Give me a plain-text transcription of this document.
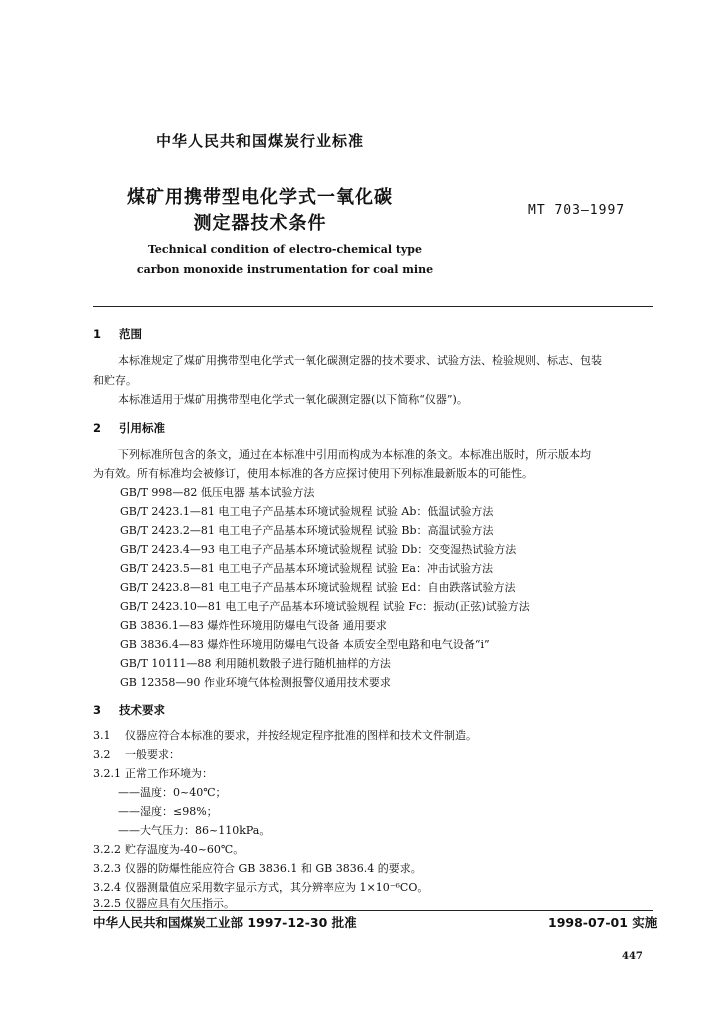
中华人民共和国煤炭行业标准
煤矿用携带型电化学式一氧化碳
测定器技术条件
MT 703—1997
Technical condition of electro-chemical type
carbon monoxide instrumentation for coal mine
1 范围
本标准规定了煤矿用携带型电化学式一氧化碳测定器的技术要求、试验方法、检验规则、标志、包装
和贮存。
本标准适用于煤矿用携带型电化学式一氧化碳测定器(以下简称“仪器”)。
2 引用标准
下列标准所包含的条文，通过在本标准中引用而构成为本标准的条文。本标准出版时，所示版本均
为有效。所有标准均会被修订，使用本标准的各方应探讨使用下列标准最新版本的可能性。
GB/T 998—82 低压电器 基本试验方法
GB/T 2423.1—81 电工电子产品基本环境试验规程 试验 Ab：低温试验方法
GB/T 2423.2—81 电工电子产品基本环境试验规程 试验 Bb：高温试验方法
GB/T 2423.4—93 电工电子产品基本环境试验规程 试验 Db：交变湿热试验方法
GB/T 2423.5—81 电工电子产品基本环境试验规程 试验 Ea：冲击试验方法
GB/T 2423.8—81 电工电子产品基本环境试验规程 试验 Ed：自由跌落试验方法
GB/T 2423.10—81 电工电子产品基本环境试验规程 试验 Fc：振动(正弦)试验方法
GB 3836.1—83 爆炸性环境用防爆电气设备 通用要求
GB 3836.4—83 爆炸性环境用防爆电气设备 本质安全型电路和电气设备“i”
GB/T 10111—88 利用随机数骰子进行随机抽样的方法
GB 12358—90 作业环境气体检测报警仪通用技术要求
3 技术要求
3.1 仪器应符合本标准的要求，并按经规定程序批准的图样和技术文件制造。
3.2 一般要求：
3.2.1 正常工作环境为：
——温度：0~40℃；
——湿度：≤98%；
——大气压力：86~110kPa。
3.2.2 贮存温度为-40~60℃。
3.2.3 仪器的防爆性能应符合 GB 3836.1 和 GB 3836.4 的要求。
3.2.4 仪器测量值应采用数字显示方式，其分辨率应为 1×10⁻⁶CO。
3.2.5 仪器应具有欠压指示。
中华人民共和国煤炭工业部 1997-12-30 批准	1998-07-01 实施
447
